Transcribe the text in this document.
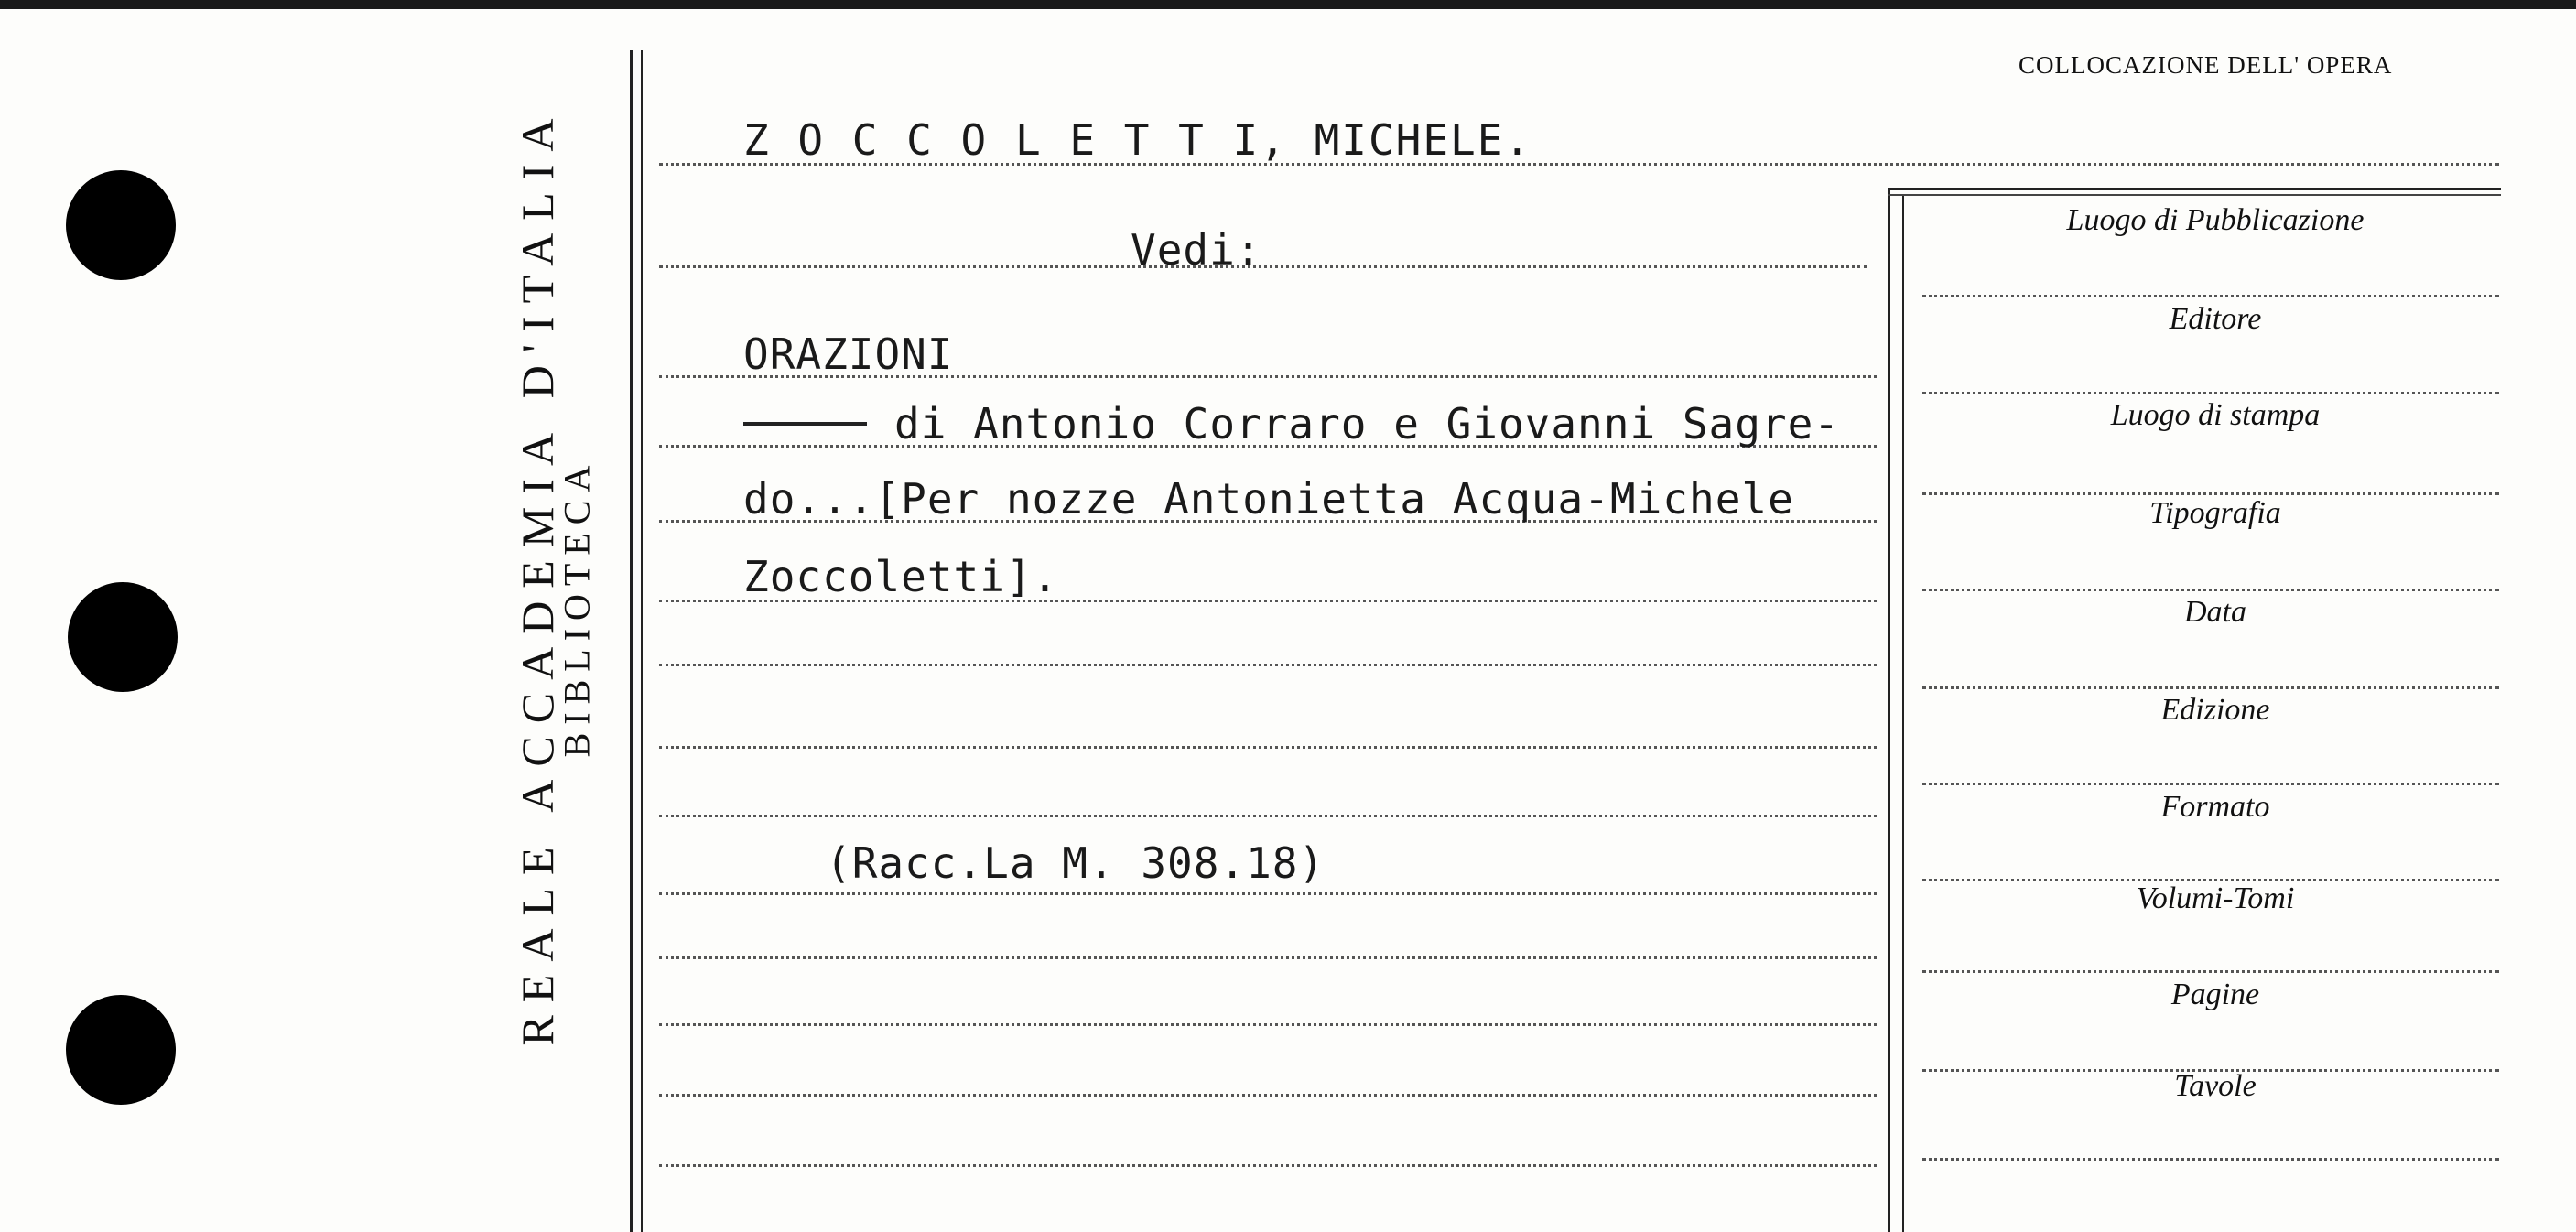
REALE ACCADEMIA D'ITALIA
BIBLIOTECA
COLLOCAZIONE DELL' OPERA
Z O C C O L E T T I, MICHELE.
Vedi:
ORAZIONI
di Antonio Corraro e Giovanni Sagre-
do...[Per nozze Antonietta Acqua-Michele
Zoccoletti].
(Racc.La M. 308.18)
Luogo di Pubblicazione
Editore
Luogo di stampa
Tipografia
Data
Edizione
Formato
Volumi-Tomi
Pagine
Tavole
